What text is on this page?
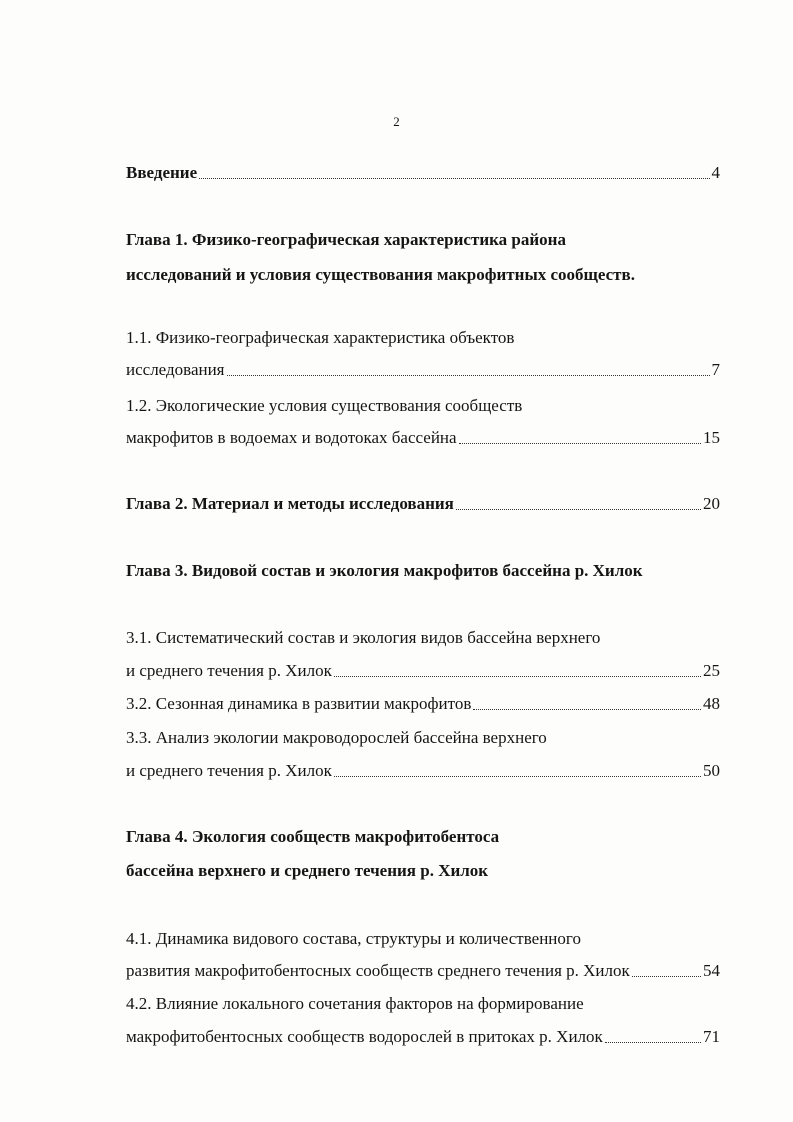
2
Введение	4
Глава 1. Физико-географическая характеристика района
исследований и условия существования макрофитных сообществ.
1.1. Физико-географическая характеристика объектов
исследования	7
1.2. Экологические условия существования сообществ
макрофитов в водоемах и водотоках бассейна	15
Глава 2. Материал и методы исследования	20
Глава 3. Видовой состав и экология макрофитов бассейна р. Хилок
3.1. Систематический состав и экология видов бассейна верхнего
и среднего течения р. Хилок	25
3.2. Сезонная динамика в развитии макрофитов	48
3.3. Анализ экологии макроводорослей бассейна верхнего
и среднего течения р. Хилок	50
Глава 4. Экология сообществ макрофитобентоса
бассейна верхнего и среднего течения р. Хилок
4.1. Динамика видового состава, структуры и количественного
развития макрофитобентосных сообществ среднего течения р. Хилок	54
4.2. Влияние локального сочетания факторов на формирование
макрофитобентосных сообществ водорослей в притоках р. Хилок	71
